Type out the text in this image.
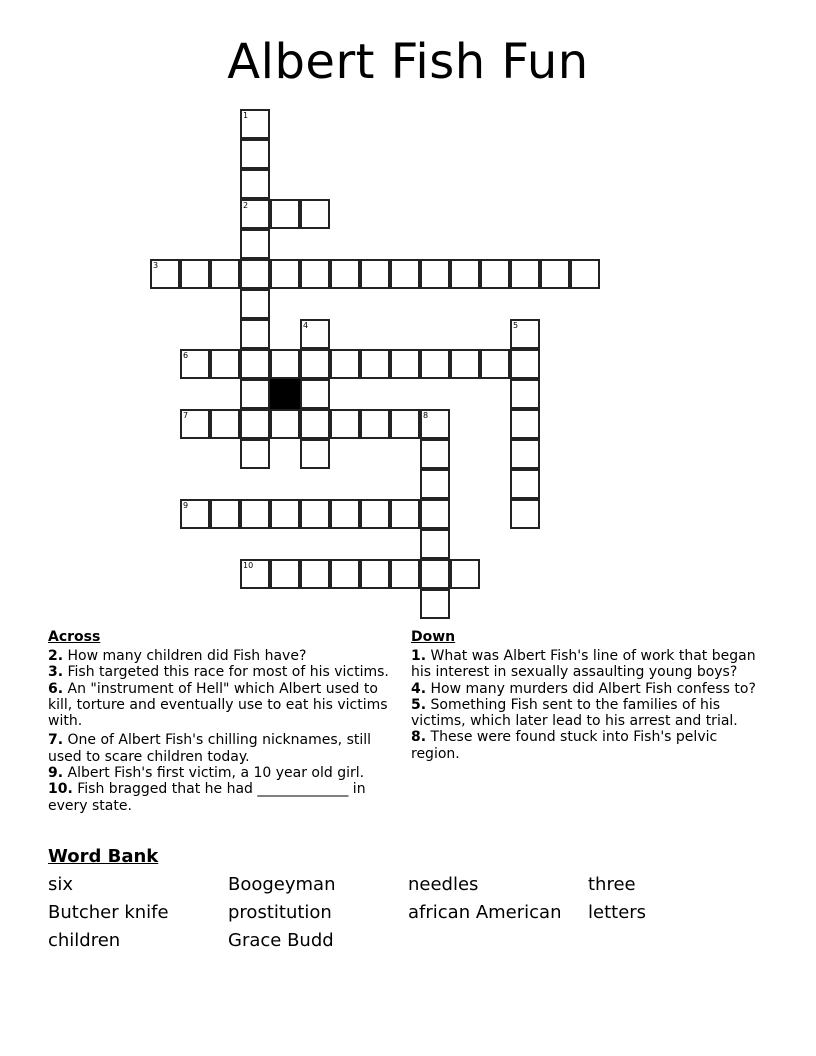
Albert Fish Fun
1
2
3
4	5
6
7	8
9
10
Across
2. How many children did Fish have?
3. Fish targeted this race for most of his victims.
6. An "instrument of Hell" which Albert used to kill, torture and eventually use to eat his victims with.
7. One of Albert Fish's chilling nicknames, still used to scare children today.
9. Albert Fish's first victim, a 10 year old girl.
10. Fish bragged that he had _____________ in every state.
Down
1. What was Albert Fish's line of work that began his interest in sexually assaulting young boys?
4. How many murders did Albert Fish confess to?
5. Something Fish sent to the families of his victims, which later lead to his arrest and trial.
8. These were found stuck into Fish's pelvic region.
Word Bank
six	Boogeyman	needles	three
Butcher knife	prostitution	african American	letters
children	Grace Budd
